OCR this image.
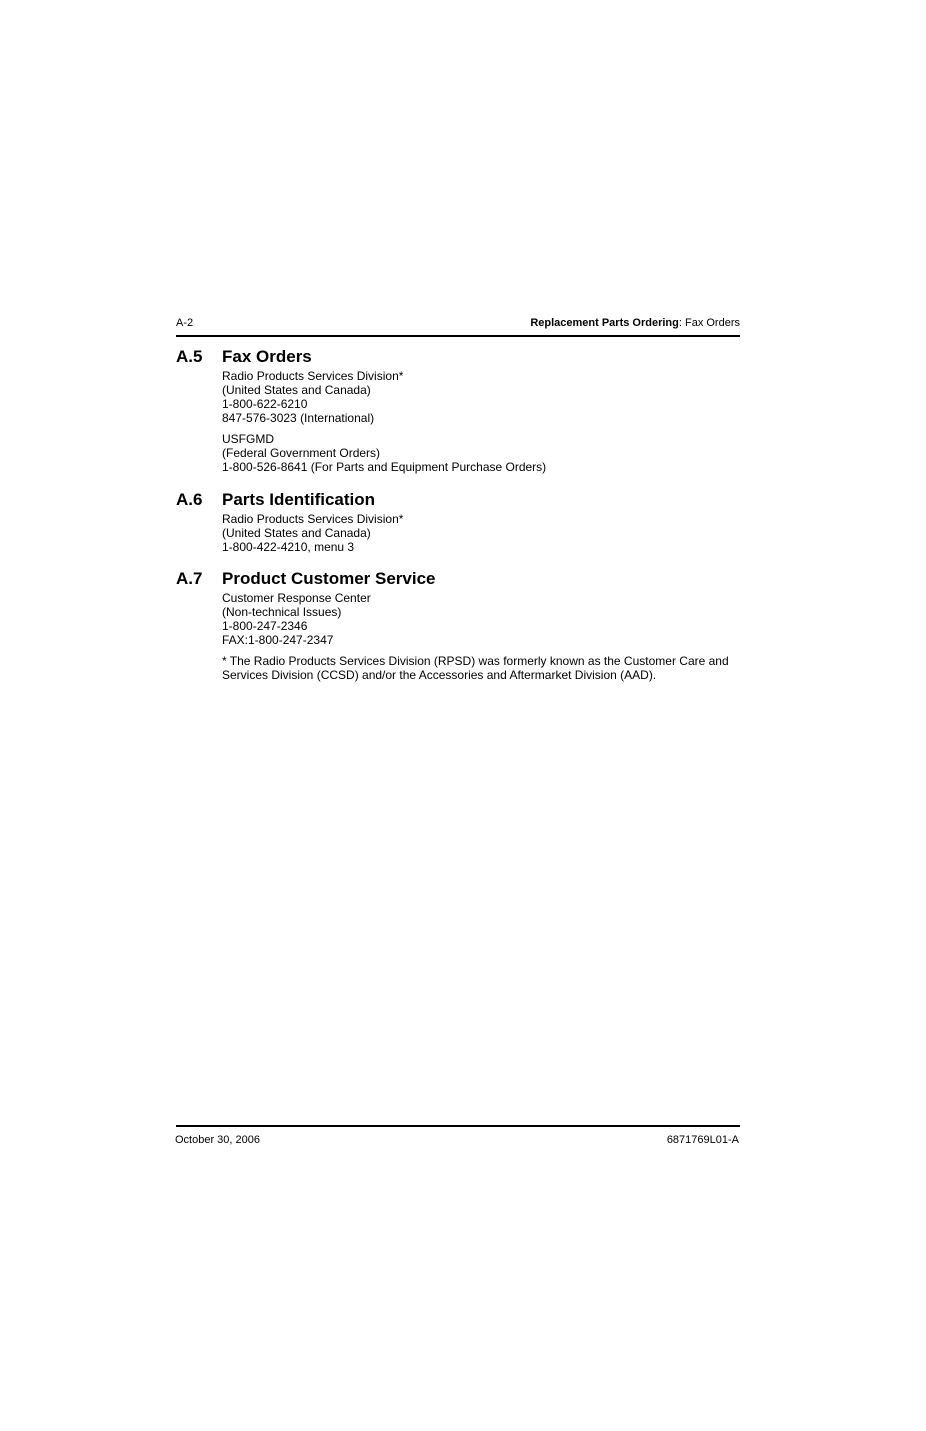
A-2	Replacement Parts Ordering: Fax Orders
A.5 Fax Orders
Radio Products Services Division*
(United States and Canada)
1-800-622-6210
847-576-3023 (International)
USFGMD
(Federal Government Orders)
1-800-526-8641 (For Parts and Equipment Purchase Orders)
A.6 Parts Identification
Radio Products Services Division*
(United States and Canada)
1-800-422-4210, menu 3
A.7 Product Customer Service
Customer Response Center
(Non-technical Issues)
1-800-247-2346
FAX:1-800-247-2347
* The Radio Products Services Division (RPSD) was formerly known as the Customer Care and
Services Division (CCSD) and/or the Accessories and Aftermarket Division (AAD).
October 30, 2006	6871769L01-A
